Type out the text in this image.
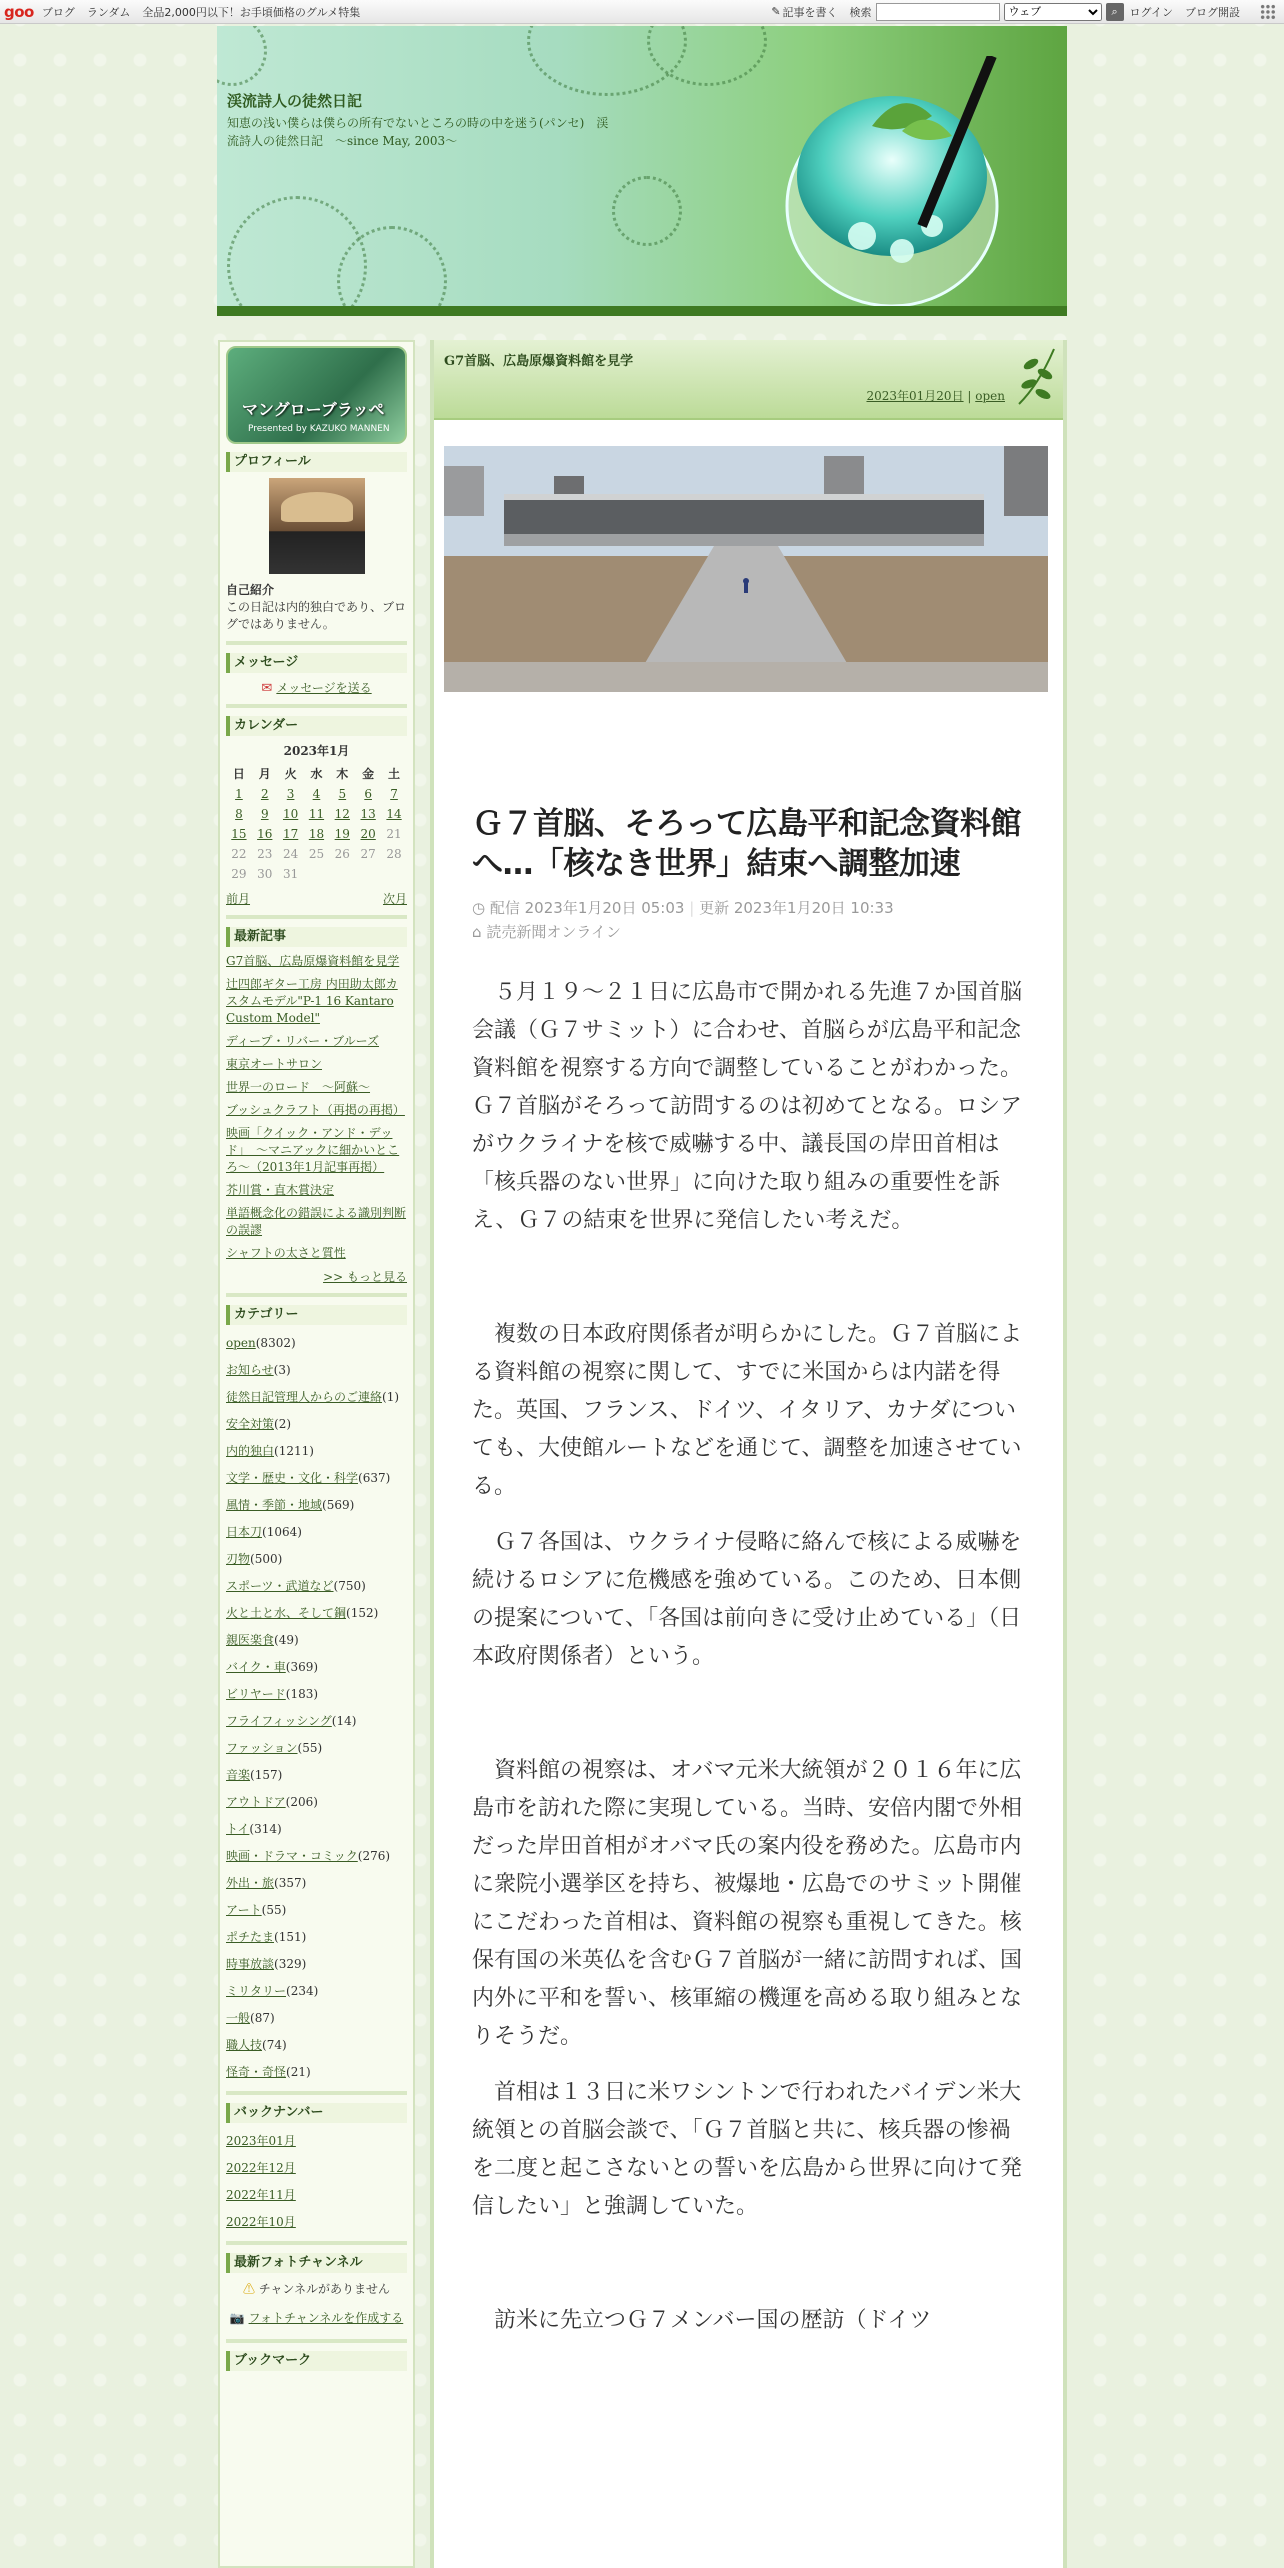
goo ブログ ランダム 全品2,000円以下！お手頃価格のグルメ特集	✎ 記事を書く 検索
ウェブ	⌕	ログイン ブログ開設
渓流詩人の徒然日記
知恵の浅い僕らは僕らの所有でないところの時の中を迷う(パンセ)　渓流詩人の徒然日記　～since May, 2003～
マングローブラッペ
Presented by KAZUKO MANNEN
プロフィール
自己紹介
この日記は内的独白であり、ブログではありません。
メッセージ
✉ メッセージを送る
カレンダー
2023年1月
日	月	火	水	木	金	土
1	2	3	4	5	6	7
8	9	10	11	12	13	14
15	16	17	18	19	20	21
22	23	24	25	26	27	28
29	30	31				
前月	次月
最新記事
G7首脳、広島原爆資料館を見学
辻四郎ギター工房 内田助太郎カスタムモデル"P-1 16 Kantaro Custom Model"
ディープ・リバー・ブルーズ
東京オートサロン
世界一のロード　～阿蘇～
ブッシュクラフト（再掲の再掲）
映画「クイック・アンド・デッド」　～マニアックに細かいところ～（2013年1月記事再掲）
芥川賞・直木賞決定
単語概念化の錯誤による識別判断の誤謬
シャフトの太さと質性
>> もっと見る
カテゴリー
open(8302)
お知らせ(3)
徒然日記管理人からのご連絡(1)
安全対策(2)
内的独白(1211)
文学・歴史・文化・科学(637)
風情・季節・地域(569)
日本刀(1064)
刃物(500)
スポーツ・武道など(750)
火と土と水、そして鋼(152)
親医楽食(49)
バイク・車(369)
ビリヤード(183)
フライフィッシング(14)
ファッション(55)
音楽(157)
アウトドア(206)
トイ(314)
映画・ドラマ・コミック(276)
外出・旅(357)
アート(55)
ポチたま(151)
時事放談(329)
ミリタリー(234)
一般(87)
職人技(74)
怪奇・奇怪(21)
バックナンバー
2023年01月
2022年12月
2022年11月
2022年10月
最新フォトチャンネル
⚠ チャンネルがありません
📷 フォトチャンネルを作成する
ブックマーク
G7首脳、広島原爆資料館を見学
2023年01月20日 | open
Ｇ７首脳、そろって広島平和記念資料館へ…「核なき世界」結束へ調整加速
◷ 配信 2023年1月20日 05:03 | 更新 2023年1月20日 10:33
⌂ 読売新聞オンライン

５月１９～２１日に広島市で開かれる先進７か国首脳会議（Ｇ７サミット）に合わせ、首脳らが広島平和記念資料館を視察する方向で調整していることがわかった。Ｇ７首脳がそろって訪問するのは初めてとなる。ロシアがウクライナを核で威嚇する中、議長国の岸田首相は「核兵器のない世界」に向けた取り組みの重要性を訴え、Ｇ７の結束を世界に発信したい考えだ。

複数の日本政府関係者が明らかにした。Ｇ７首脳による資料館の視察に関して、すでに米国からは内諾を得た。英国、フランス、ドイツ、イタリア、カナダについても、大使館ルートなどを通じて、調整を加速させている。

Ｇ７各国は、ウクライナ侵略に絡んで核による威嚇を続けるロシアに危機感を強めている。このため、日本側の提案について、「各国は前向きに受け止めている」（日本政府関係者）という。

資料館の視察は、オバマ元米大統領が２０１６年に広島市を訪れた際に実現している。当時、安倍内閣で外相だった岸田首相がオバマ氏の案内役を務めた。広島市内に衆院小選挙区を持ち、被爆地・広島でのサミット開催にこだわった首相は、資料館の視察も重視してきた。核保有国の米英仏を含むＧ７首脳が一緒に訪問すれば、国内外に平和を誓い、核軍縮の機運を高める取り組みとなりそうだ。

首相は１３日に米ワシントンで行われたバイデン米大統領との首脳会談で、「Ｇ７首脳と共に、核兵器の惨禍を二度と起こさないとの誓いを広島から世界に向けて発信したい」と強調していた。

訪米に先立つＧ７メンバー国の歴訪（ドイツ
